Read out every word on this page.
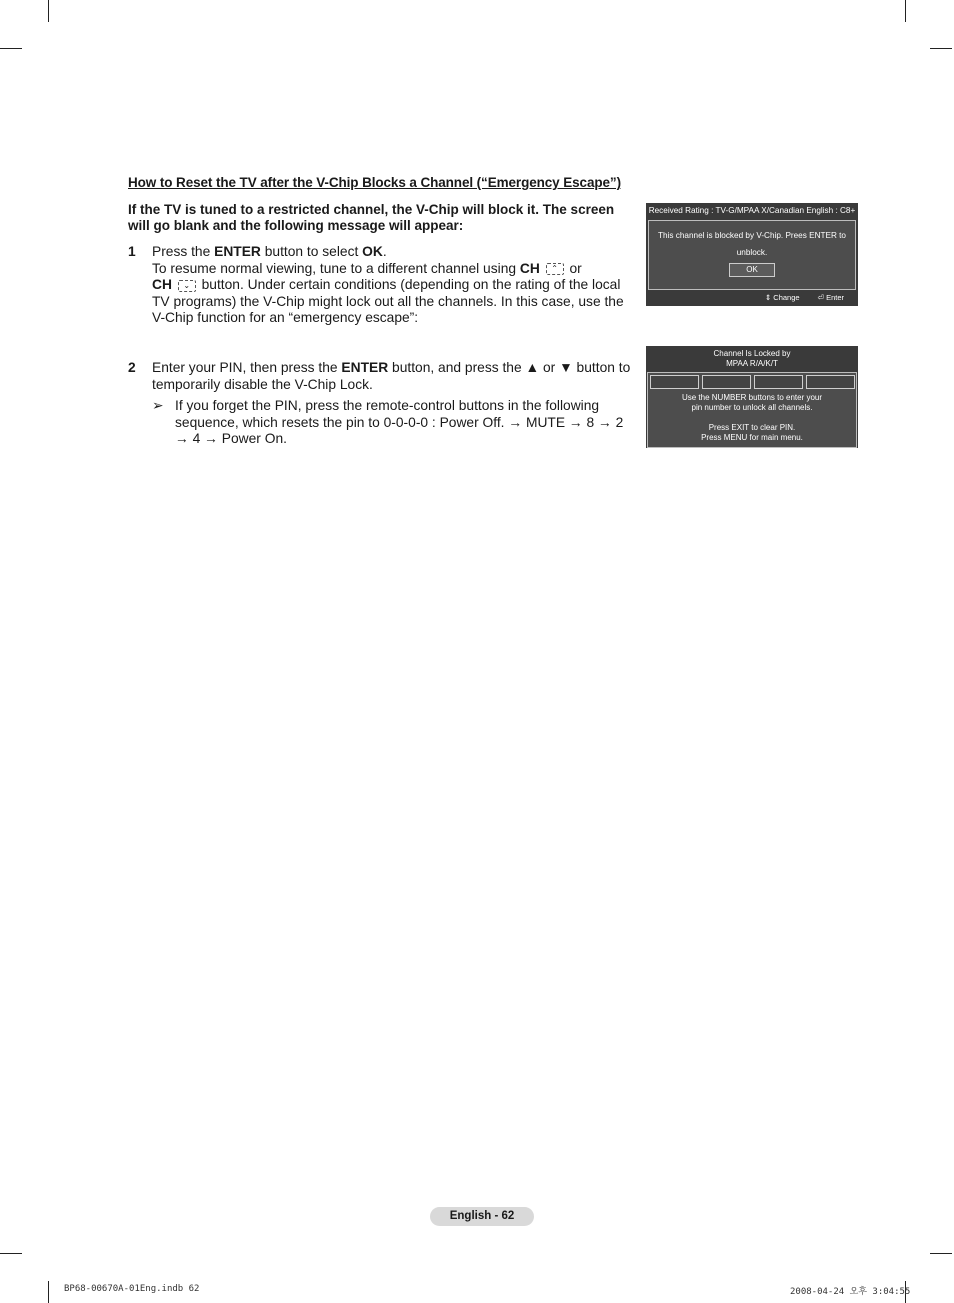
How to Reset the TV after the V-Chip Blocks a Channel (“Emergency Escape”)
If the TV is tuned to a restricted channel, the V-Chip will block it. The screen will go blank and the following message will appear:
1 Press the ENTER button to select OK.
To resume normal viewing, tune to a different channel using CH ⌃ or
CH ⌄ button. Under certain conditions (depending on the rating of the local TV programs) the V-Chip might lock out all the channels. In this case, use the V-Chip function for an “emergency escape”:
2 Enter your PIN, then press the ENTER button, and press the ▲ or ▼ button to temporarily disable the V-Chip Lock.
➢ If you forget the PIN, press the remote-control buttons in the following sequence, which resets the pin to 0-0-0-0 : Power Off. → MUTE → 8 → 2 → 4 → Power On.
Received Rating : TV-G/MPAA X/Canadian English : C8+
This channel is blocked by V-Chip. Prees ENTER to unblock.
OK
⇕ Change ⏎ Enter
Channel Is Locked by
MPAA R/A/K/T
Use the NUMBER buttons to enter your
pin number to unlock all channels.
Press EXIT to clear PIN.
Press MENU for main menu.
English - 62
BP68-00670A-01Eng.indb 62	2008-04-24 오후 3:04:55
